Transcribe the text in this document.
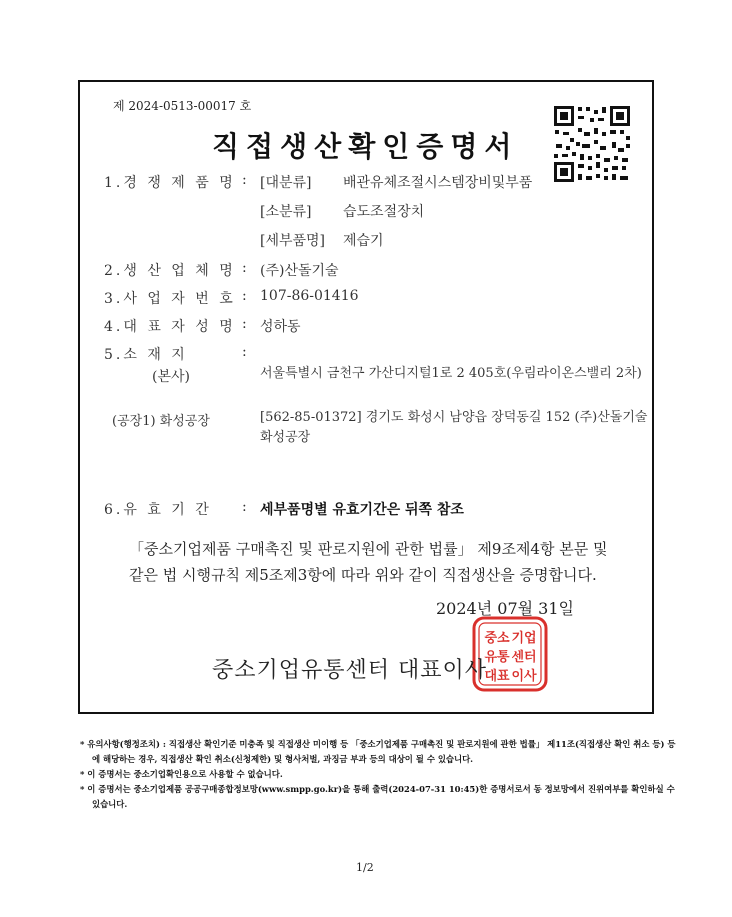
제 2024-0513-00017 호
직접생산확인증명서
1.경 쟁 제 품 명 : [대분류] 배관유체조절시스템장비및부품
[소분류] 습도조절장치
[세부품명] 제습기
2.생 산 업 체 명 : (주)산돌기술
3.사 업 자 번 호 : 107-86-01416
4.대 표 자 성 명 : 성하동
5.소 재 지	:
(본사)	서울특별시 금천구 가산디지털1로 2 405호(우림라이온스밸리 2차)
(공장1) 화성공장	[562-85-01372] 경기도 화성시 남양읍 장덕동길 152 (주)산돌기술 화성공장
6.유 효 기 간 : 세부품명별 유효기간은 뒤쪽 참조
「중소기업제품 구매촉진 및 판로지원에 관한 법률」 제9조제4항 본문 및
같은 법 시행규칙 제5조제3항에 따라 위와 같이 직접생산을 증명합니다.
2024년 07월 31일
중소 기업
유통 센터
대표 이사
중소기업유통센터 대표이사
* 유의사항(행정조치) : 직접생산 확인기준 미충족 및 직접생산 미이행 등 「중소기업제품 구매촉진 및 판로지원에 관한 법률」 제11조(직접생산 확인 취소 등) 등에 해당하는 경우, 직접생산 확인 취소(신청제한) 및 형사처벌, 과징금 부과 등의 대상이 될 수 있습니다.
* 이 증명서는 중소기업확인용으로 사용할 수 없습니다.
* 이 증명서는 중소기업제품 공공구매종합정보망(www.smpp.go.kr)을 통해 출력(2024-07-31 10:45)한 증명서로서 동 정보망에서 진위여부를 확인하실 수 있습니다.
1/2
